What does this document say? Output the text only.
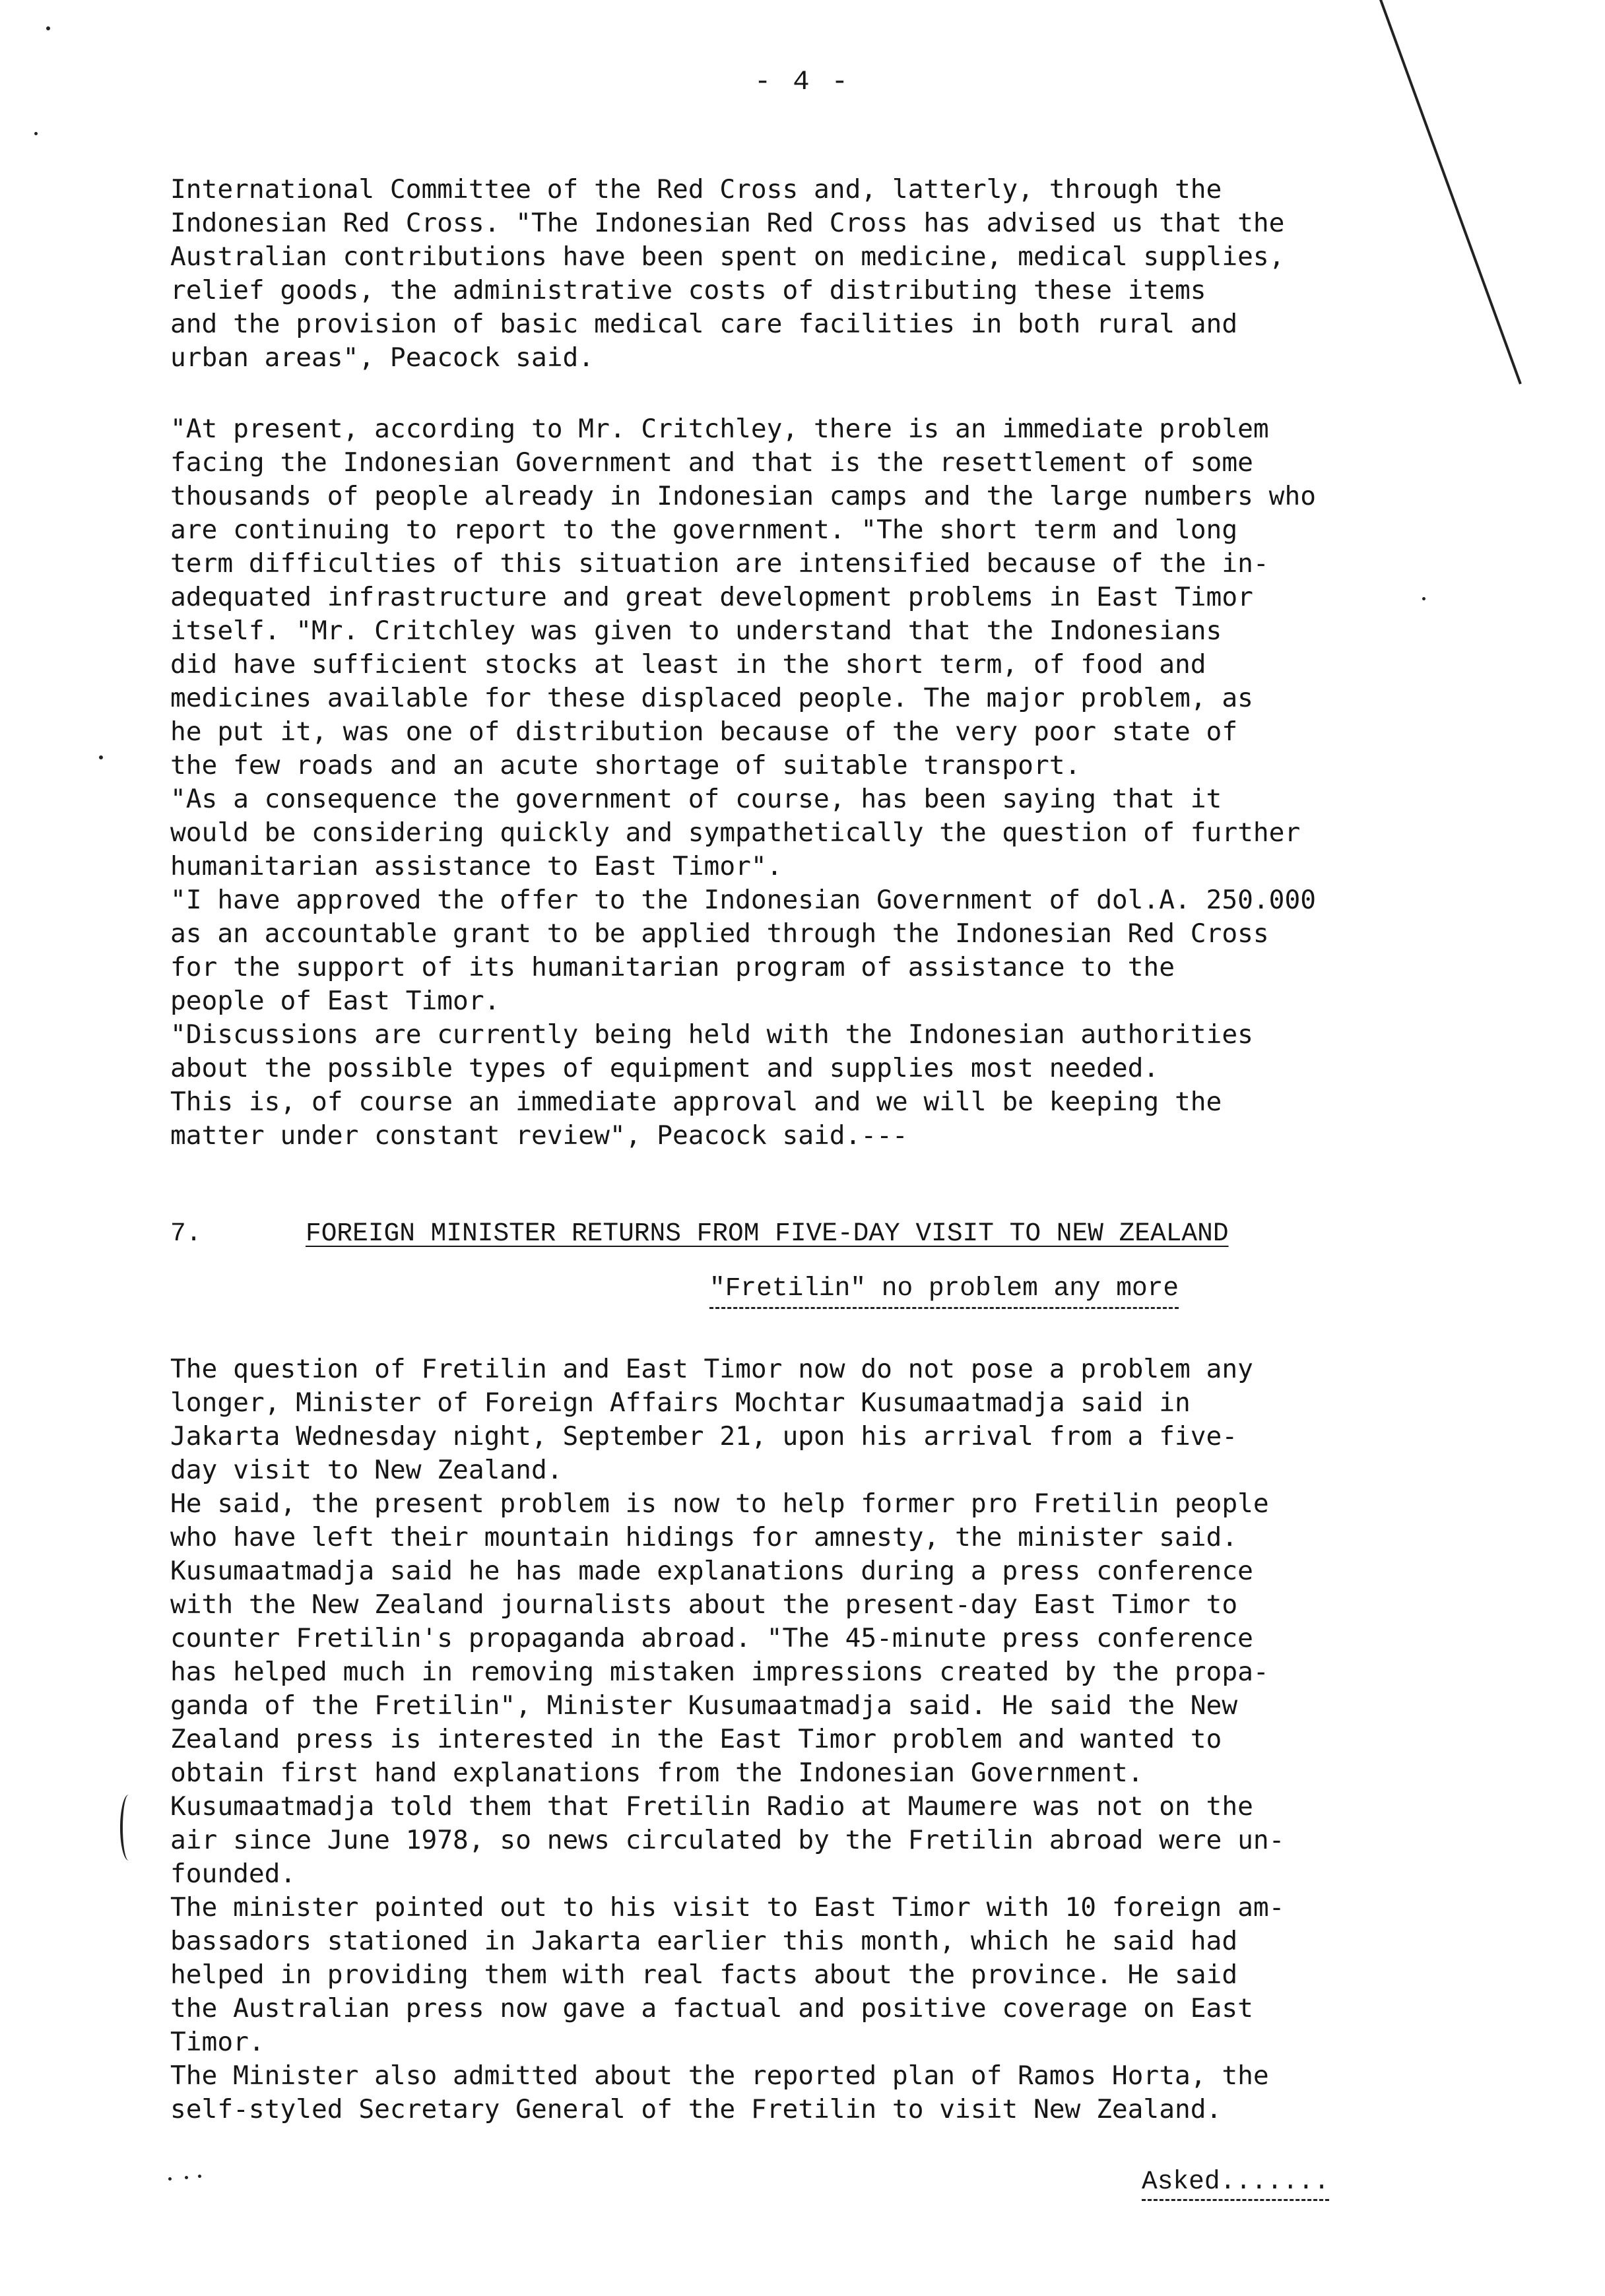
- 4 -
International Committee of the Red Cross and, latterly, through the
Indonesian Red Cross. "The Indonesian Red Cross has advised us that the
Australian contributions have been spent on medicine, medical supplies,
relief goods, the administrative costs of distributing these items
and the provision of basic medical care facilities in both rural and
urban areas", Peacock said.
"At present, according to Mr. Critchley, there is an immediate problem
facing the Indonesian Government and that is the resettlement of some
thousands of people already in Indonesian camps and the large numbers who
are continuing to report to the government. "The short term and long
term difficulties of this situation are intensified because of the in-
adequated infrastructure and great development problems in East Timor
itself. "Mr. Critchley was given to understand that the Indonesians
did have sufficient stocks at least in the short term, of food and
medicines available for these displaced people. The major problem, as
he put it, was one of distribution because of the very poor state of
the few roads and an acute shortage of suitable transport.
"As a consequence the government of course, has been saying that it
would be considering quickly and sympathetically the question of further
humanitarian assistance to East Timor".
"I have approved the offer to the Indonesian Government of dol.A. 250.000
as an accountable grant to be applied through the Indonesian Red Cross
for the support of its humanitarian program of assistance to the
people of East Timor.
"Discussions are currently being held with the Indonesian authorities
about the possible types of equipment and supplies most needed.
This is, of course an immediate approval and we will be keeping the
matter under constant review", Peacock said.---
7.	FOREIGN MINISTER RETURNS FROM FIVE-DAY VISIT TO NEW ZEALAND
"Fretilin" no problem any more
The question of Fretilin and East Timor now do not pose a problem any
longer, Minister of Foreign Affairs Mochtar Kusumaatmadja said in
Jakarta Wednesday night, September 21, upon his arrival from a five-
day visit to New Zealand.
He said, the present problem is now to help former pro Fretilin people
who have left their mountain hidings for amnesty, the minister said.
Kusumaatmadja said he has made explanations during a press conference
with the New Zealand journalists about the present-day East Timor to
counter Fretilin's propaganda abroad. "The 45-minute press conference
has helped much in removing mistaken impressions created by the propa-
ganda of the Fretilin", Minister Kusumaatmadja said. He said the New
Zealand press is interested in the East Timor problem and wanted to
obtain first hand explanations from the Indonesian Government.
Kusumaatmadja told them that Fretilin Radio at Maumere was not on the
air since June 1978, so news circulated by the Fretilin abroad were un-
founded.
The minister pointed out to his visit to East Timor with 10 foreign am-
bassadors stationed in Jakarta earlier this month, which he said had
helped in providing them with real facts about the province. He said
the Australian press now gave a factual and positive coverage on East
Timor.
The Minister also admitted about the reported plan of Ramos Horta, the
self-styled Secretary General of the Fretilin to visit New Zealand.
Asked.......
